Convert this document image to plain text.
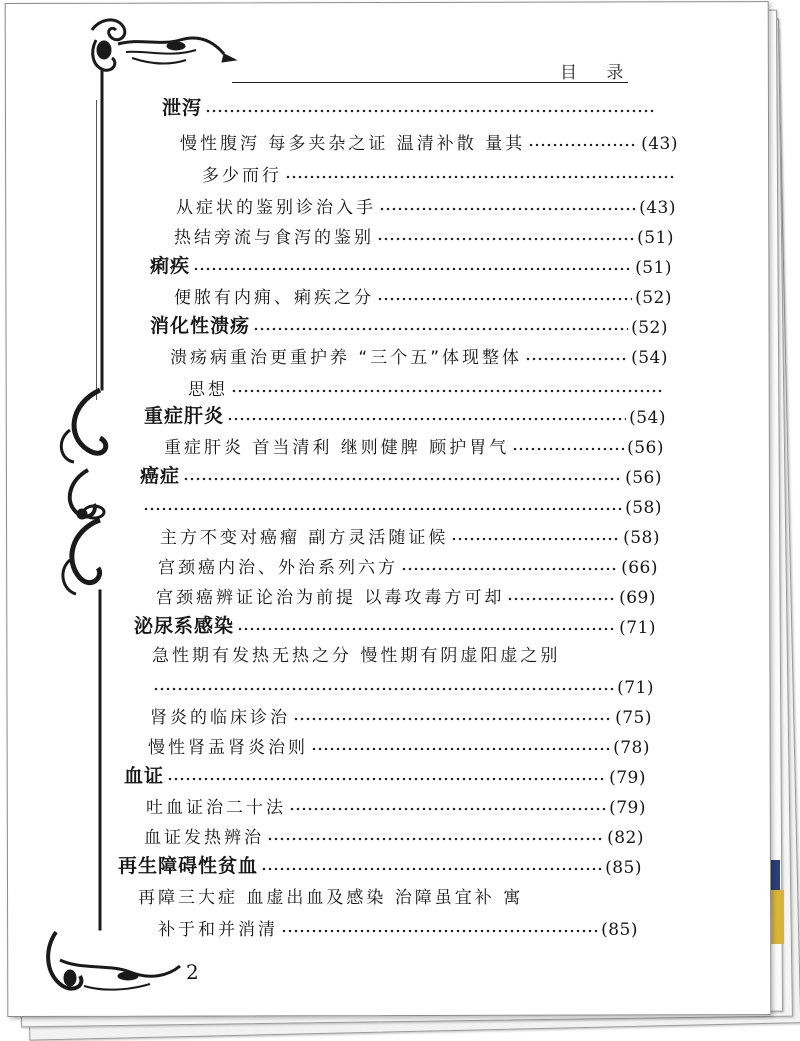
目 录
泄泻
慢性腹泻 每多夹杂之证 温清补散 量其	(43)
多少而行
从症状的鉴别诊治入手	(43)
热结旁流与食泻的鉴别	(51)
痢疾	(51)
便脓有内痈、痢疾之分	(52)
消化性溃疡	(52)
溃疡病重治更重护养 “三个五”体现整体	(54)
思想
重症肝炎	(54)
重症肝炎 首当清利 继则健脾 顾护胃气	(56)
癌症	(56)
(58)
主方不变对癌瘤 副方灵活随证候	(58)
宫颈癌内治、外治系列六方	(66)
宫颈癌辨证论治为前提 以毒攻毒方可却	(69)
泌尿系感染	(71)
急性期有发热无热之分 慢性期有阴虚阳虚之别
(71)
肾炎的临床诊治	(75)
慢性肾盂肾炎治则	(78)
血证	(79)
吐血证治二十法	(79)
血证发热辨治	(82)
再生障碍性贫血	(85)
再障三大症 血虚出血及感染 治障虽宜补 寓
补于和并消清	(85)
2
